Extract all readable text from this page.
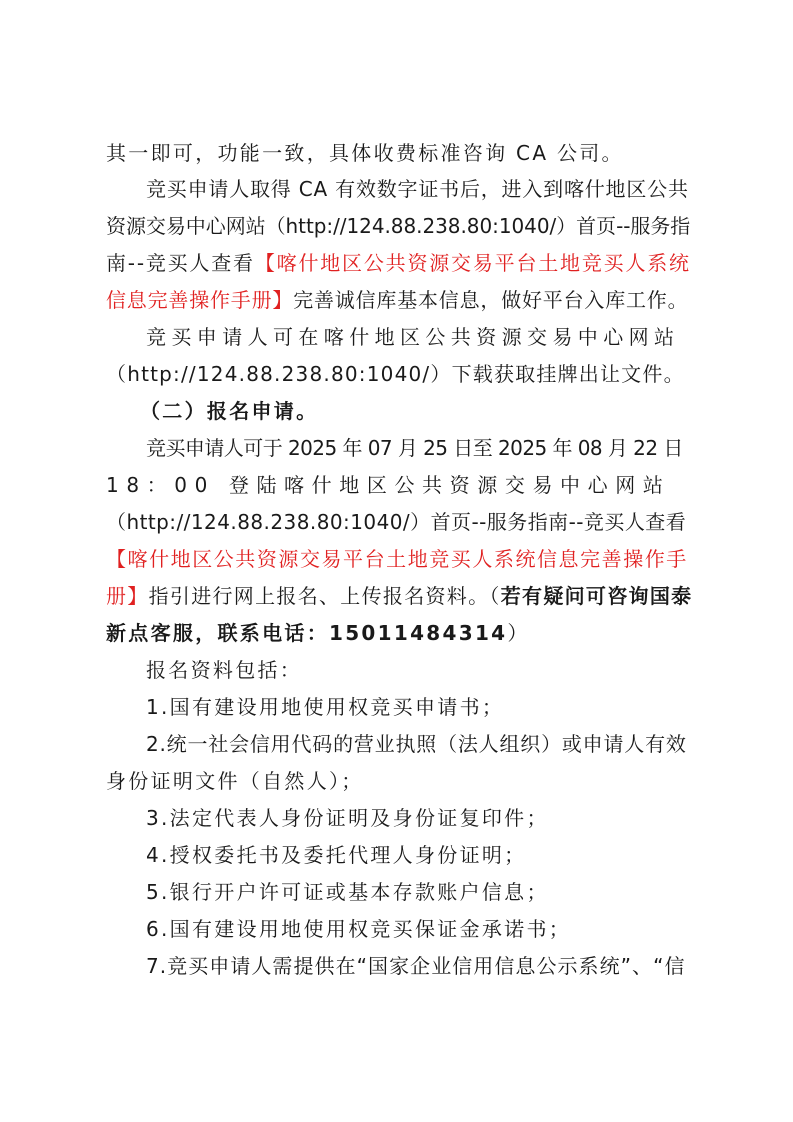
其一即可，功能一致，具体收费标准咨询 CA 公司。
竞买申请人取得 CA 有效数字证书后，进入到喀什地区公共
资源交易中心网站（http://124.88.238.80:1040/）首页--服务指
南--竞买人查看【喀什地区公共资源交易平台土地竞买人系统
信息完善操作手册】完善诚信库基本信息，做好平台入库工作。
竞买申请人可在喀什地区公共资源交易中心网站
（http://124.88.238.80:1040/）下载获取挂牌出让文件。
（二）报名申请。
竞买申请人可于 2025 年 07 月 25 日至 2025 年 08 月 22 日
18：00 登陆喀什地区公共资源交易中心网站
（http://124.88.238.80:1040/）首页--服务指南--竞买人查看
【喀什地区公共资源交易平台土地竞买人系统信息完善操作手
册】指引进行网上报名、上传报名资料。（若有疑问可咨询国泰
新点客服，联系电话：15011484314）
报名资料包括：
1.国有建设用地使用权竞买申请书；
2.统一社会信用代码的营业执照（法人组织）或申请人有效
身份证明文件（自然人）；
3.法定代表人身份证明及身份证复印件；
4.授权委托书及委托代理人身份证明；
5.银行开户许可证或基本存款账户信息；
6.国有建设用地使用权竞买保证金承诺书；
7.竞买申请人需提供在“国家企业信用信息公示系统”、“信
